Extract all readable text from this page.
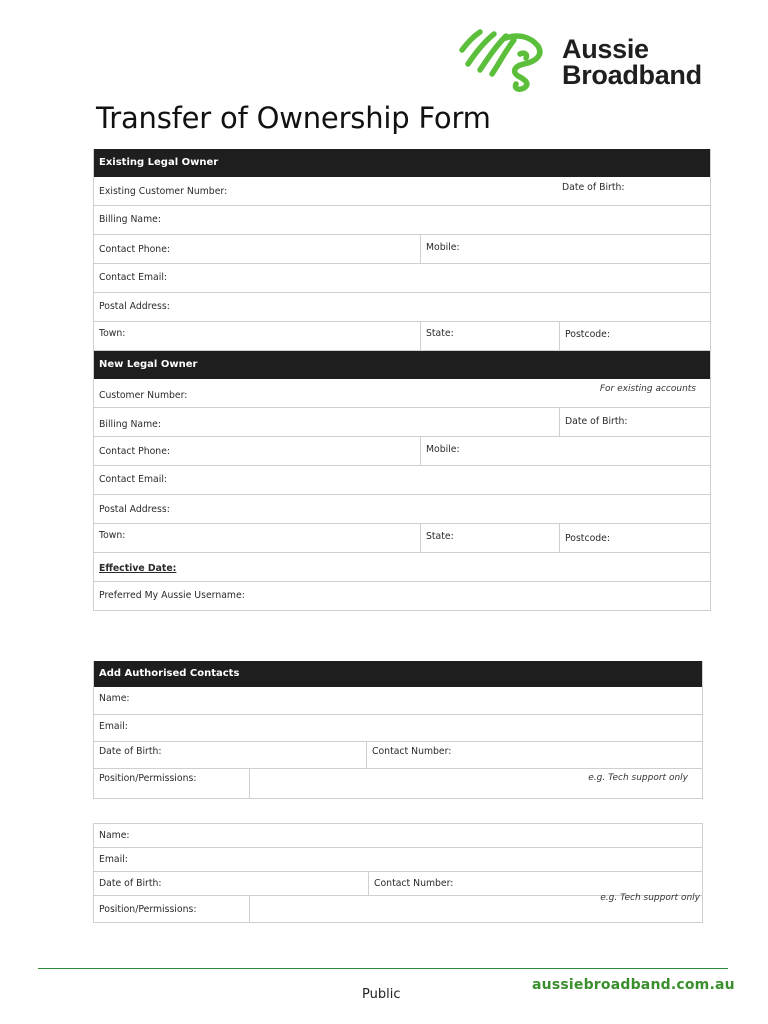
Aussie
Broadband
Transfer of Ownership Form
Existing Legal Owner
Existing Customer Number:	Date of Birth:
Billing Name:
Contact Phone:	Mobile:
Contact Email:
Postal Address:
Town:	State:	Postcode:
New Legal Owner
Customer Number:
For existing accounts
Billing Name:	Date of Birth:
Contact Phone:	Mobile:
Contact Email:
Postal Address:
Town:	State:	Postcode:
Effective Date:
Preferred My Aussie Username:
Add Authorised Contacts
Name:
Email:
Date of Birth:	Contact Number:
Position/Permissions:	e.g. Tech support only
Name:
Email:
Date of Birth:	Contact Number:
Position/Permissions:
e.g. Tech support only
Public
aussiebroadband.com.au
